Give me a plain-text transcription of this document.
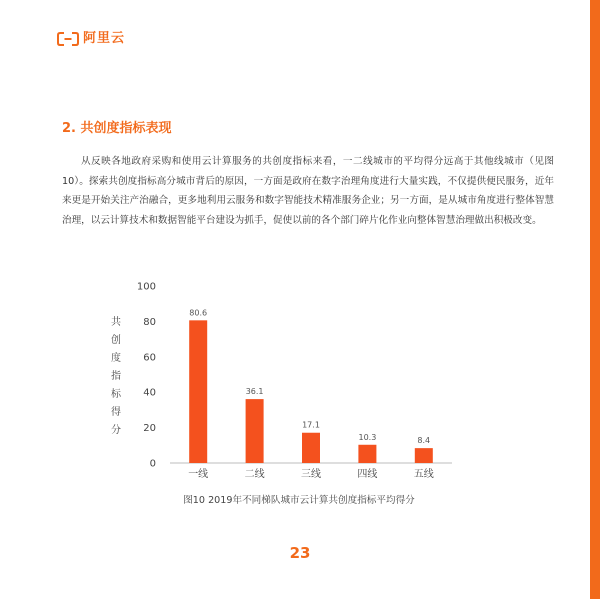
阿里云
2. 共创度指标表现

从反映各地政府采购和使用云计算服务的共创度指标来看，一二线城市的平均得分远高于其他线城市（见图10）。探索共创度指标高分城市背后的原因，一方面是政府在数字治理角度进行大量实践，不仅提供便民服务，近年来更是开始关注产治融合，更多地利用云服务和数字智能技术精准服务企业；另一方面，是从城市角度进行整体智慧治理，以云计算技术和数据智能平台建设为抓手，促使以前的各个部门碎片化作业向整体智慧治理做出积极改变。

0
20
40
60
80
100
共
创
度
指
标
得
分
80.6
36.1
17.1
10.3	8.4
一线	二线	三线	四线	五线
图10 2019年不同梯队城市云计算共创度指标平均得分
23
